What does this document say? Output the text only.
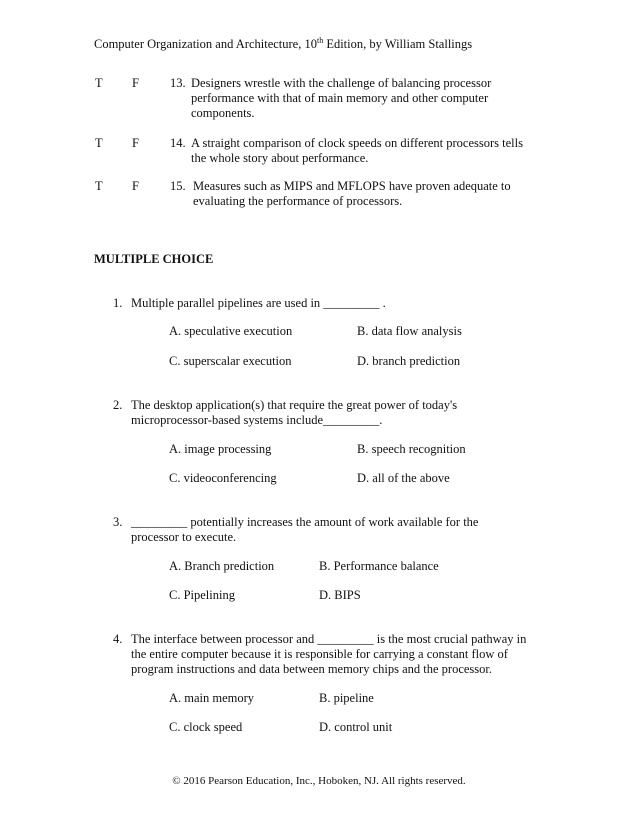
Computer Organization and Architecture, 10th Edition, by William Stallings
T F 13. Designers wrestle with the challenge of balancing processor performance with that of main memory and other computer components.
T F 14. A straight comparison of clock speeds on different processors tells the whole story about performance.
T F 15. Measures such as MIPS and MFLOPS have proven adequate to evaluating the performance of processors.
MULTIPLE CHOICE
1. Multiple parallel pipelines are used in _________ .
A. speculative execution	B. data flow analysis
C. superscalar execution	D. branch prediction
2. The desktop application(s) that require the great power of today's microprocessor-based systems include_________.
A. image processing	B. speech recognition
C. videoconferencing	D. all of the above
3. _________ potentially increases the amount of work available for the processor to execute.
A. Branch prediction	B. Performance balance
C. Pipelining	D. BIPS
4. The interface between processor and _________ is the most crucial pathway in the entire computer because it is responsible for carrying a constant flow of program instructions and data between memory chips and the processor.
A. main memory	B. pipeline
C. clock speed	D. control unit
© 2016 Pearson Education, Inc., Hoboken, NJ. All rights reserved.
